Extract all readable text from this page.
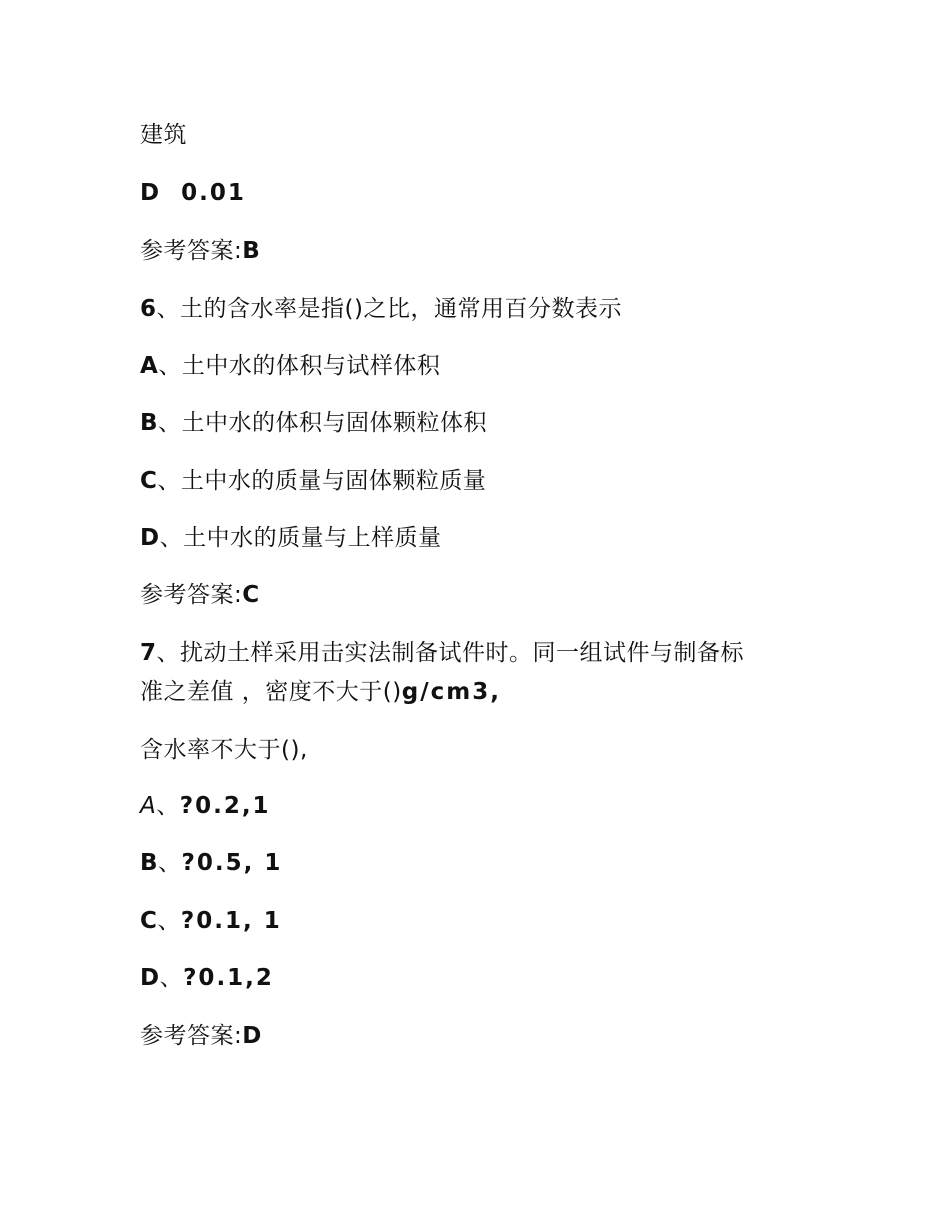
建筑
D 0.01
参考答案:B
6、土的含水率是指()之比，通常用百分数表示
A、土中水的体积与试样体积
B、土中水的体积与固体颗粒体积
C、土中水的质量与固体颗粒质量
D、土中水的质量与上样质量
参考答案:C
7、扰动土样采用击实法制备试件时。同一组试件与制备标
准之差值 ，密度不大于()g/cm3,
含水率不大于(),
A、?0.2,1
B、?0.5, 1
C、?0.1, 1
D、?0.1,2
参考答案:D
